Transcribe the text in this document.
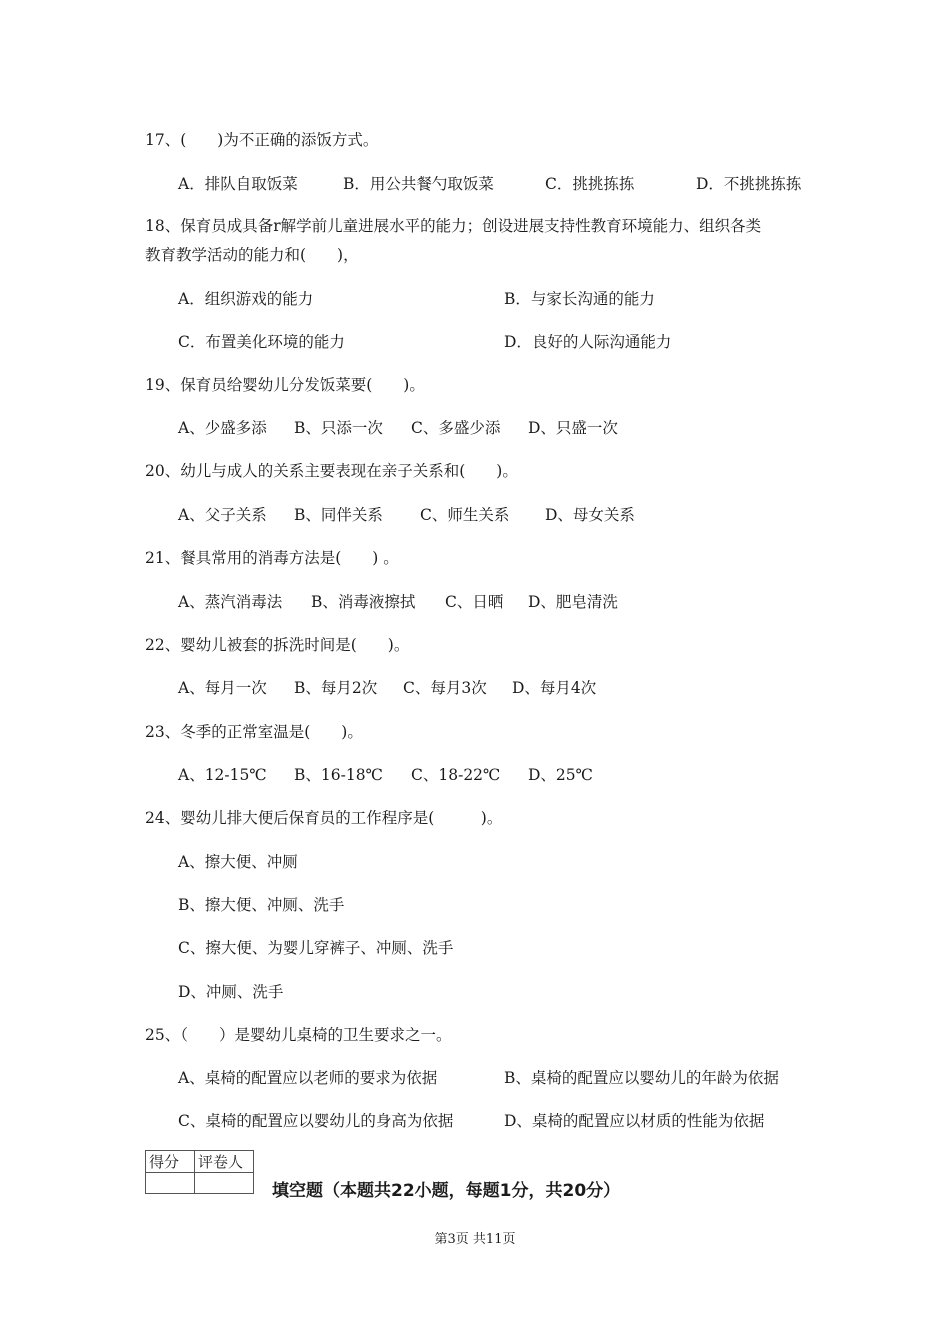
17、(　　)为不正确的添饭方式。
A．排队自取饭菜	B．用公共餐勺取饭菜	C．挑挑拣拣	D．不挑挑拣拣
18、保育员成具备r解学前儿童进展水平的能力；创设进展支持性教育环境能力、组织各类
教育教学活动的能力和(　　)，
A．组织游戏的能力	B．与家长沟通的能力
C．布置美化环境的能力	D．良好的人际沟通能力
19、保育员给婴幼儿分发饭菜要(　　)。
A、少盛多添 B、只添一次 C、多盛少添 D、只盛一次
20、幼儿与成人的关系主要表现在亲子关系和(　　)。
A、父子关系 B、同伴关系 C、师生关系 D、母女关系
21、餐具常用的消毒方法是(　　) 。
A、蒸汽消毒法 B、消毒液擦拭 C、日晒 D、肥皂清洗
22、婴幼儿被套的拆洗时间是(　　)。
A、每月一次 B、每月2次 C、每月3次 D、每月4次
23、冬季的正常室温是(　　)。
A、12-15℃ B、16-18℃ C、18-22℃ D、25℃
24、婴幼儿排大便后保育员的工作程序是(　　　)。
A、擦大便、冲厕
B、擦大便、冲厕、洗手
C、擦大便、为婴儿穿裤子、冲厕、洗手
D、冲厕、洗手
25、（　　）是婴幼儿桌椅的卫生要求之一。
A、桌椅的配置应以老师的要求为依据	B、桌椅的配置应以婴幼儿的年龄为依据
C、桌椅的配置应以婴幼儿的身高为依据	D、桌椅的配置应以材质的性能为依据
得分	评卷人

填空题（本题共22小题，每题1分，共20分）
第3页 共11页
